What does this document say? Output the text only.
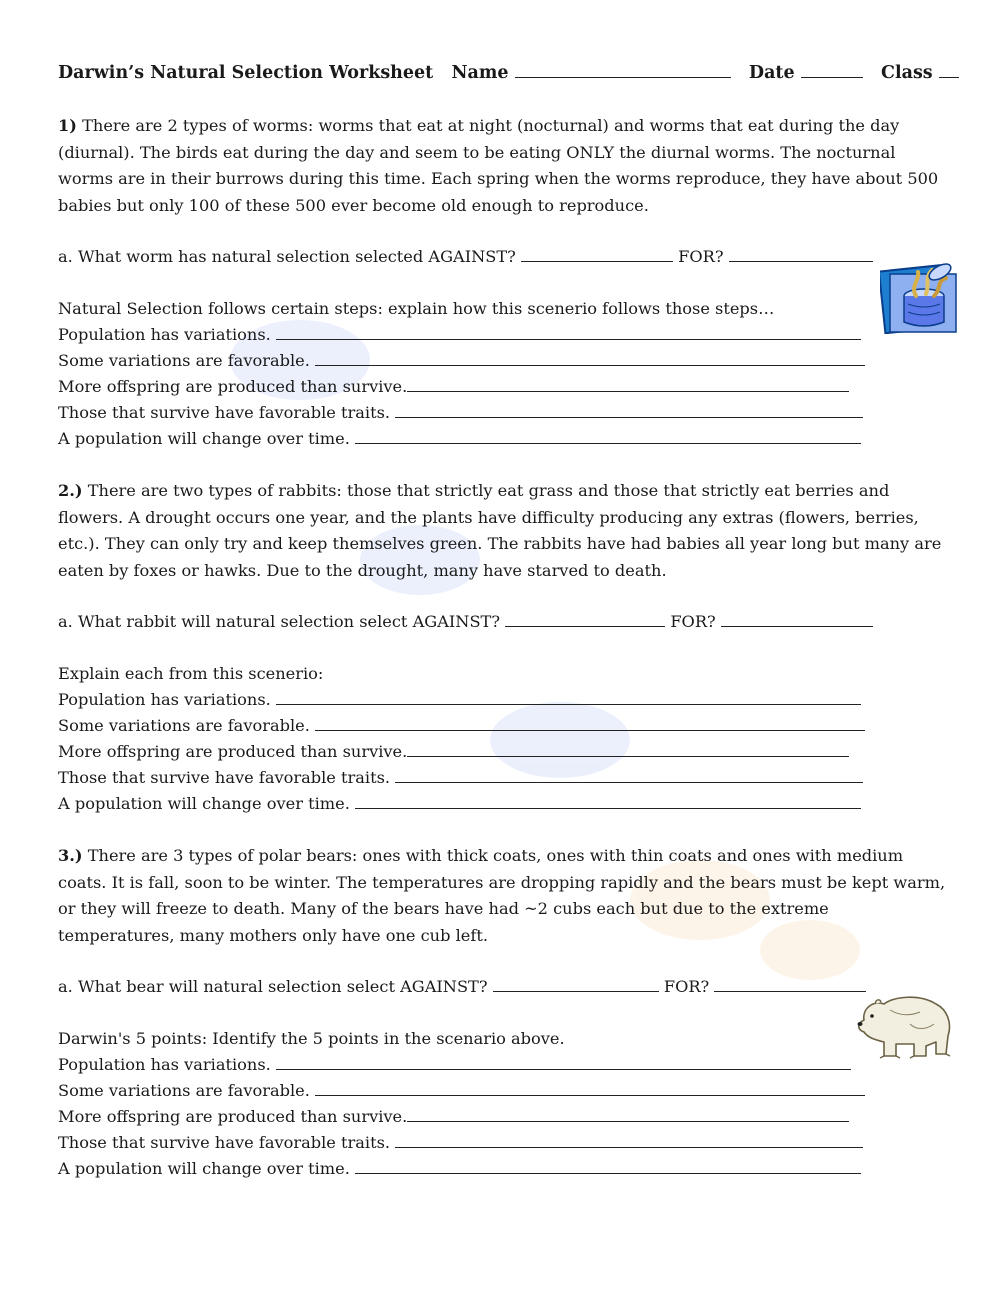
Darwin’s Natural Selection Worksheet Name	Date	Class
1) There are 2 types of worms: worms that eat at night (nocturnal) and worms that eat during the day (diurnal). The birds eat during the day and seem to be eating ONLY the diurnal worms. The nocturnal worms are in their burrows during this time. Each spring when the worms reproduce, they have about 500 babies but only 100 of these 500 ever become old enough to reproduce.
a. What worm has natural selection selected AGAINST?	FOR?
Natural Selection follows certain steps: explain how this scenerio follows those steps…
Population has variations.
Some variations are favorable.
More offspring are produced than survive.
Those that survive have favorable traits.
A population will change over time.
2.) There are two types of rabbits: those that strictly eat grass and those that strictly eat berries and flowers. A drought occurs one year, and the plants have difficulty producing any extras (flowers, berries, etc.). They can only try and keep themselves green. The rabbits have had babies all year long but many are eaten by foxes or hawks. Due to the drought, many have starved to death.
a. What rabbit will natural selection select AGAINST?	FOR?
Explain each from this scenerio:
Population has variations.
Some variations are favorable.
More offspring are produced than survive.
Those that survive have favorable traits.
A population will change over time.
3.) There are 3 types of polar bears: ones with thick coats, ones with thin coats and ones with medium coats. It is fall, soon to be winter. The temperatures are dropping rapidly and the bears must be kept warm, or they will freeze to death. Many of the bears have had ~2 cubs each but due to the extreme temperatures, many mothers only have one cub left.
a. What bear will natural selection select AGAINST?	FOR?
Darwin's 5 points: Identify the 5 points in the scenario above.
Population has variations.
Some variations are favorable.
More offspring are produced than survive.
Those that survive have favorable traits.
A population will change over time.
